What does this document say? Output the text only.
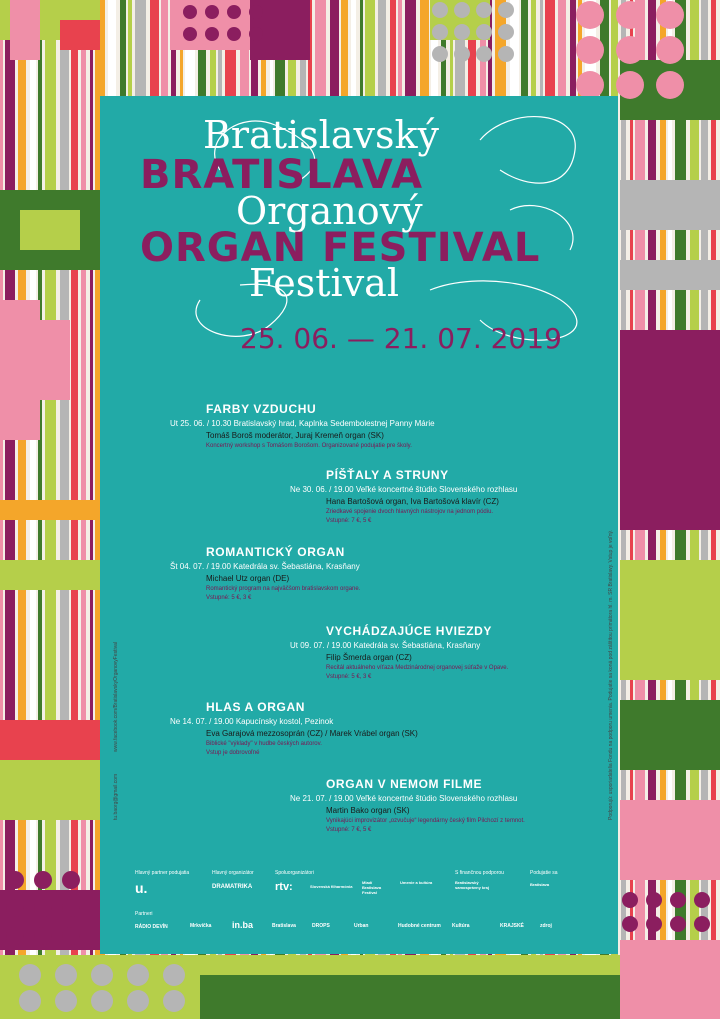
Bratislavský
BRATISLAVA
Organový
ORGAN FESTIVAL
Festival
25. 06. — 21. 07. 2019
FARBY VZDUCHU
Ut 25. 06. / 10.30 Bratislavský hrad, Kaplnka Sedembolestnej Panny Márie
Tomáš Boroš moderátor, Juraj Kremeň organ (SK)
Koncertný workshop s Tomášom Borošom. Organizované podujatie pre školy.
PÍŠŤALY A STRUNY
Ne 30. 06. / 19.00 Veľké koncertné štúdio Slovenského rozhlasu
Hana Bartošová organ, Iva Bartošová klavír (CZ)
Zriedkavé spojenie dvoch hlavných nástrojov na jednom pódiu.
Vstupné: 7 €, 5 €
ROMANTICKÝ ORGAN
Št 04. 07. / 19.00 Katedrála sv. Šebastiána, Krasňany
Michael Utz organ (DE)
Romantický program na najväčšom bratislavskom organe.
Vstupné: 5 €, 3 €
VYCHÁDZAJÚCE HVIEZDY
Ut 09. 07. / 19.00 Katedrála sv. Šebastiána, Krasňany
Filip Šmerda organ (CZ)
Recitál aktuálneho víťaza Medzinárodnej organovej súťaže v Opave.
Vstupné: 5 €, 3 €
HLAS A ORGAN
Ne 14. 07. / 19.00 Kapucínsky kostol, Pezinok
Eva Garajová mezzosoprán (CZ) / Marek Vrábel organ (SK)
Biblické "výklady" v hudbe českých autorov.
Vstup je dobrovoľné
ORGAN V NEMOM FILME
Ne 21. 07. / 19.00 Veľké koncertné štúdio Slovenského rozhlasu
Martin Bako organ (SK)
Vynikajúci improvizátor „ozvučuje“ legendárny český film Pilchozí z temnot.
Vstupné: 7 €, 5 €
Hlavný partner podujatia	Hlavný organizátor	Spoluorganizátori	S finančnou podporou	Podujatie sa
Partneri
u.	DRAMATRIKA rtv:	Slovenská filharmónia
Mladí Bratislava Festival
Umenie a kultúra	Bratislavský samosprávny kraj
Bratislava
RÁDIO DEVÍN	Mrkvička in.ba	Bratislava	DROPS	Urban	Hudobné centrum Kultúra	KRAJSKÉ	zdroj
www.facebook.com/BratislavskyOrganovyFestival
tu.baorg@gmail.com	Podporujú: usporiadatelia Fondu na podporu umenia. Podujatie sa koná pod záštitou primátora hl. m. SR Bratislavy. Vstup je voľný.
